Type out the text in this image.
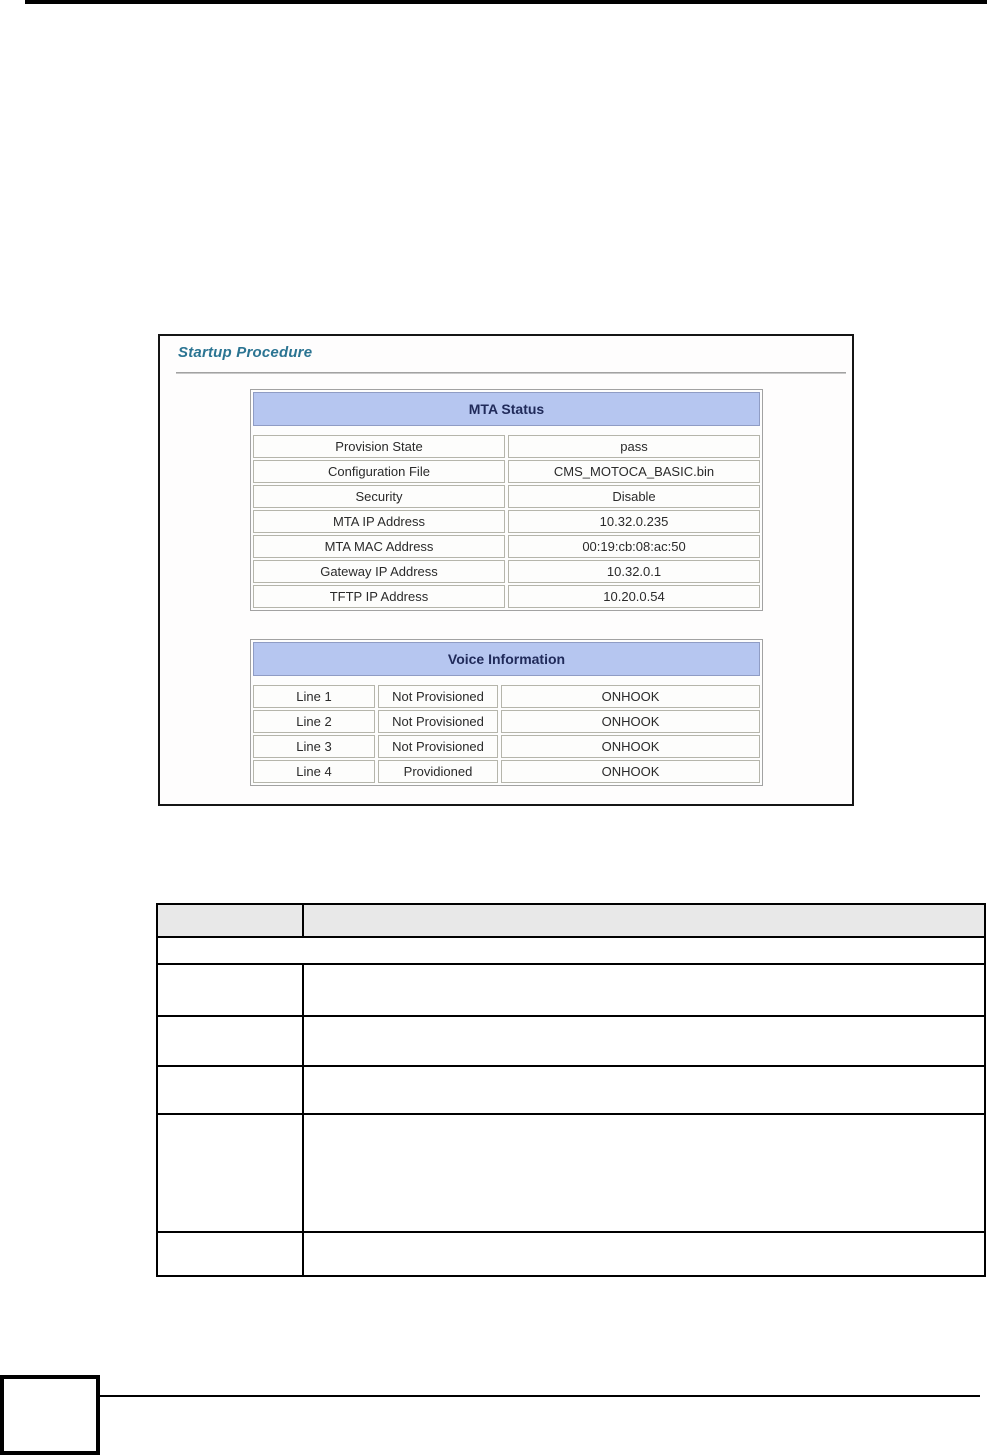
Startup Procedure
MTA Status
Provision State	pass
Configuration File	CMS_MOTOCA_BASIC.bin
Security	Disable
MTA IP Address	10.32.0.235
MTA MAC Address	00:19:cb:08:ac:50
Gateway IP Address	10.32.0.1
TFTP IP Address	10.20.0.54
Voice Information
Line 1	Not Provisioned	ONHOOK
Line 2	Not Provisioned	ONHOOK
Line 3	Not Provisioned	ONHOOK
Line 4	Providioned	ONHOOK
